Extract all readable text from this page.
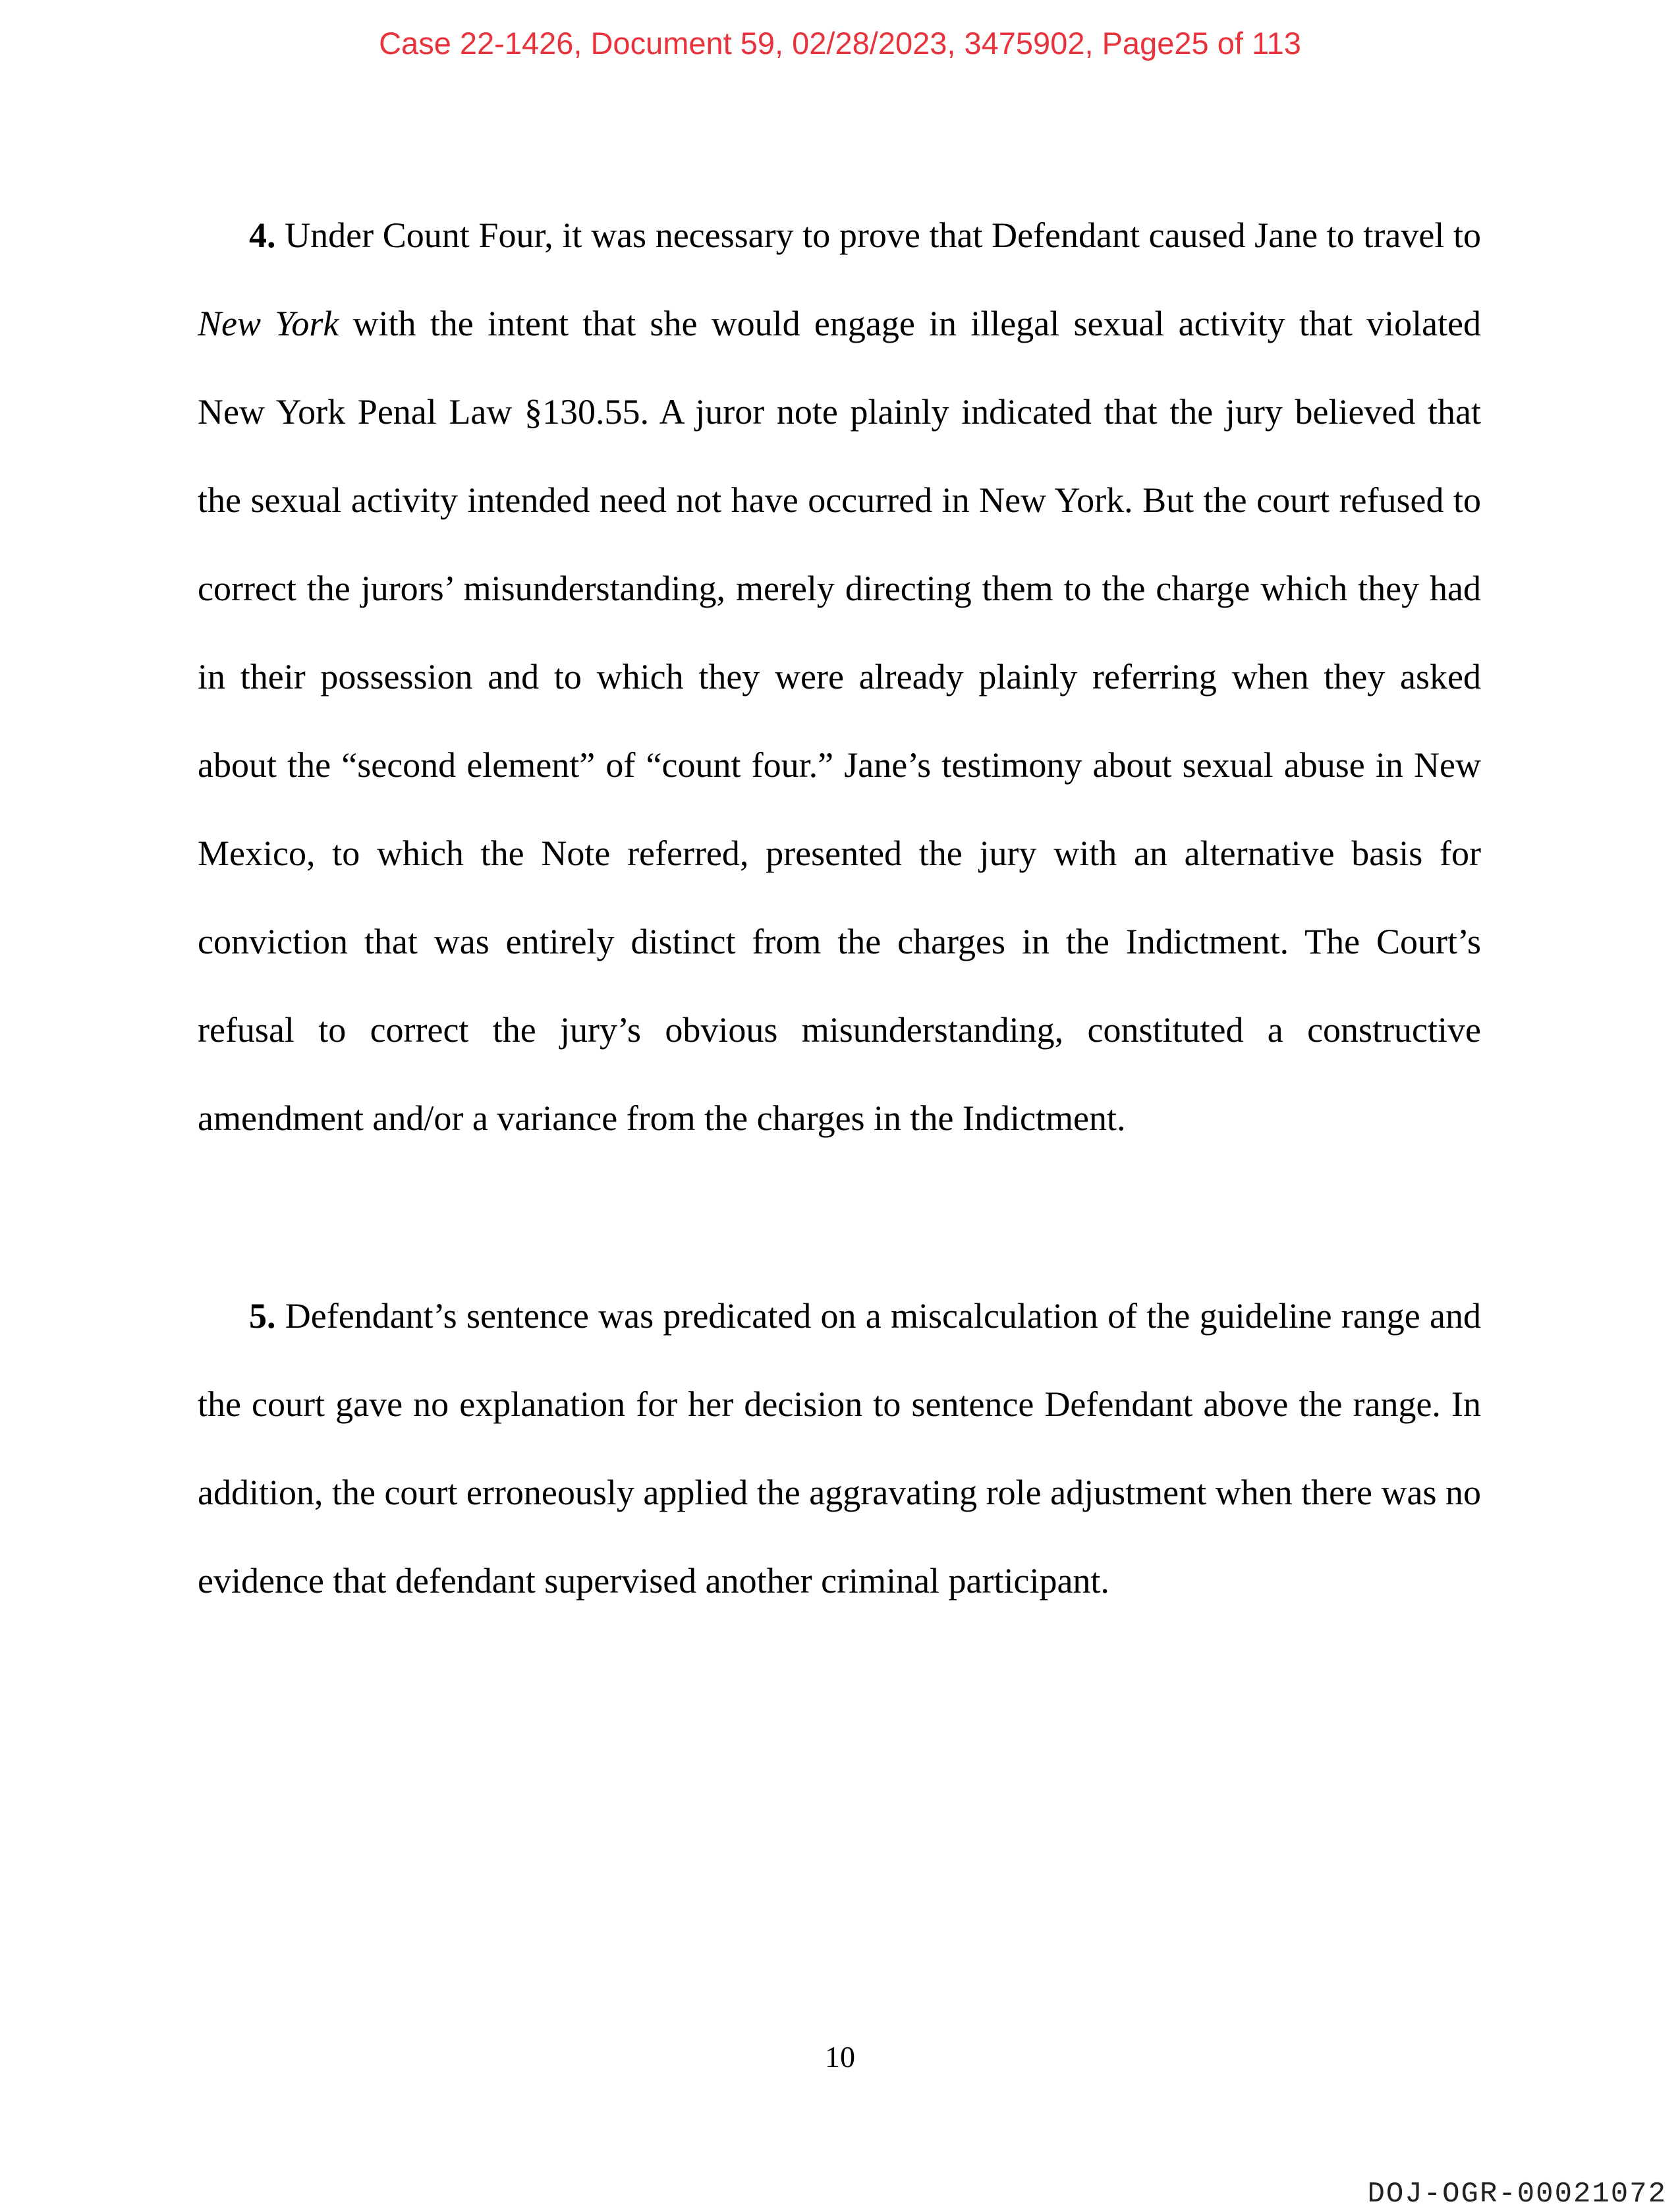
Case 22-1426, Document 59, 02/28/2023, 3475902, Page25 of 113

4. Under Count Four, it was necessary to prove that Defendant caused Jane to travel to New York with the intent that she would engage in illegal sexual activity that violated New York Penal Law §130.55. A juror note plainly indicated that the jury believed that the sexual activity intended need not have occurred in New York. But the court refused to correct the jurors’ misunderstanding, merely directing them to the charge which they had in their possession and to which they were already plainly referring when they asked about the “second element” of “count four.” Jane’s testimony about sexual abuse in New Mexico, to which the Note referred, presented the jury with an alternative basis for conviction that was entirely distinct from the charges in the Indictment. The Court’s refusal to correct the jury’s obvious misunderstanding, constituted a constructive amendment and/or a variance from the charges in the Indictment.

5. Defendant’s sentence was predicated on a miscalculation of the guideline range and the court gave no explanation for her decision to sentence Defendant above the range. In addition, the court erroneously applied the aggravating role adjustment when there was no evidence that defendant supervised another criminal participant.

10
DOJ-OGR-00021072
